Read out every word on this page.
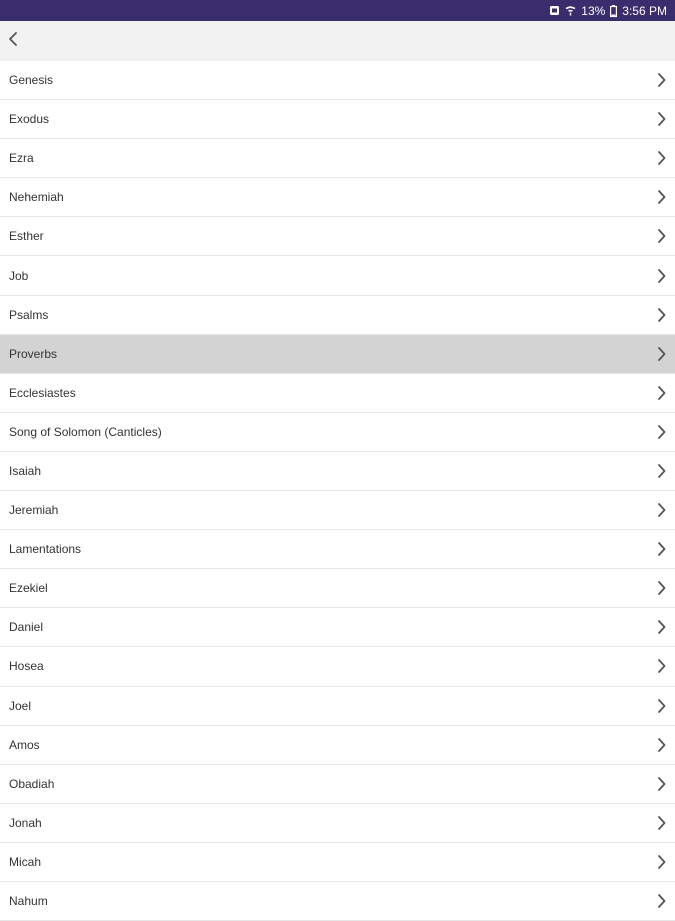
13% 3:56 PM
Genesis
Exodus
Ezra
Nehemiah
Esther
Job
Psalms
Proverbs
Ecclesiastes
Song of Solomon (Canticles)
Isaiah
Jeremiah
Lamentations
Ezekiel
Daniel
Hosea
Joel
Amos
Obadiah
Jonah
Micah
Nahum
